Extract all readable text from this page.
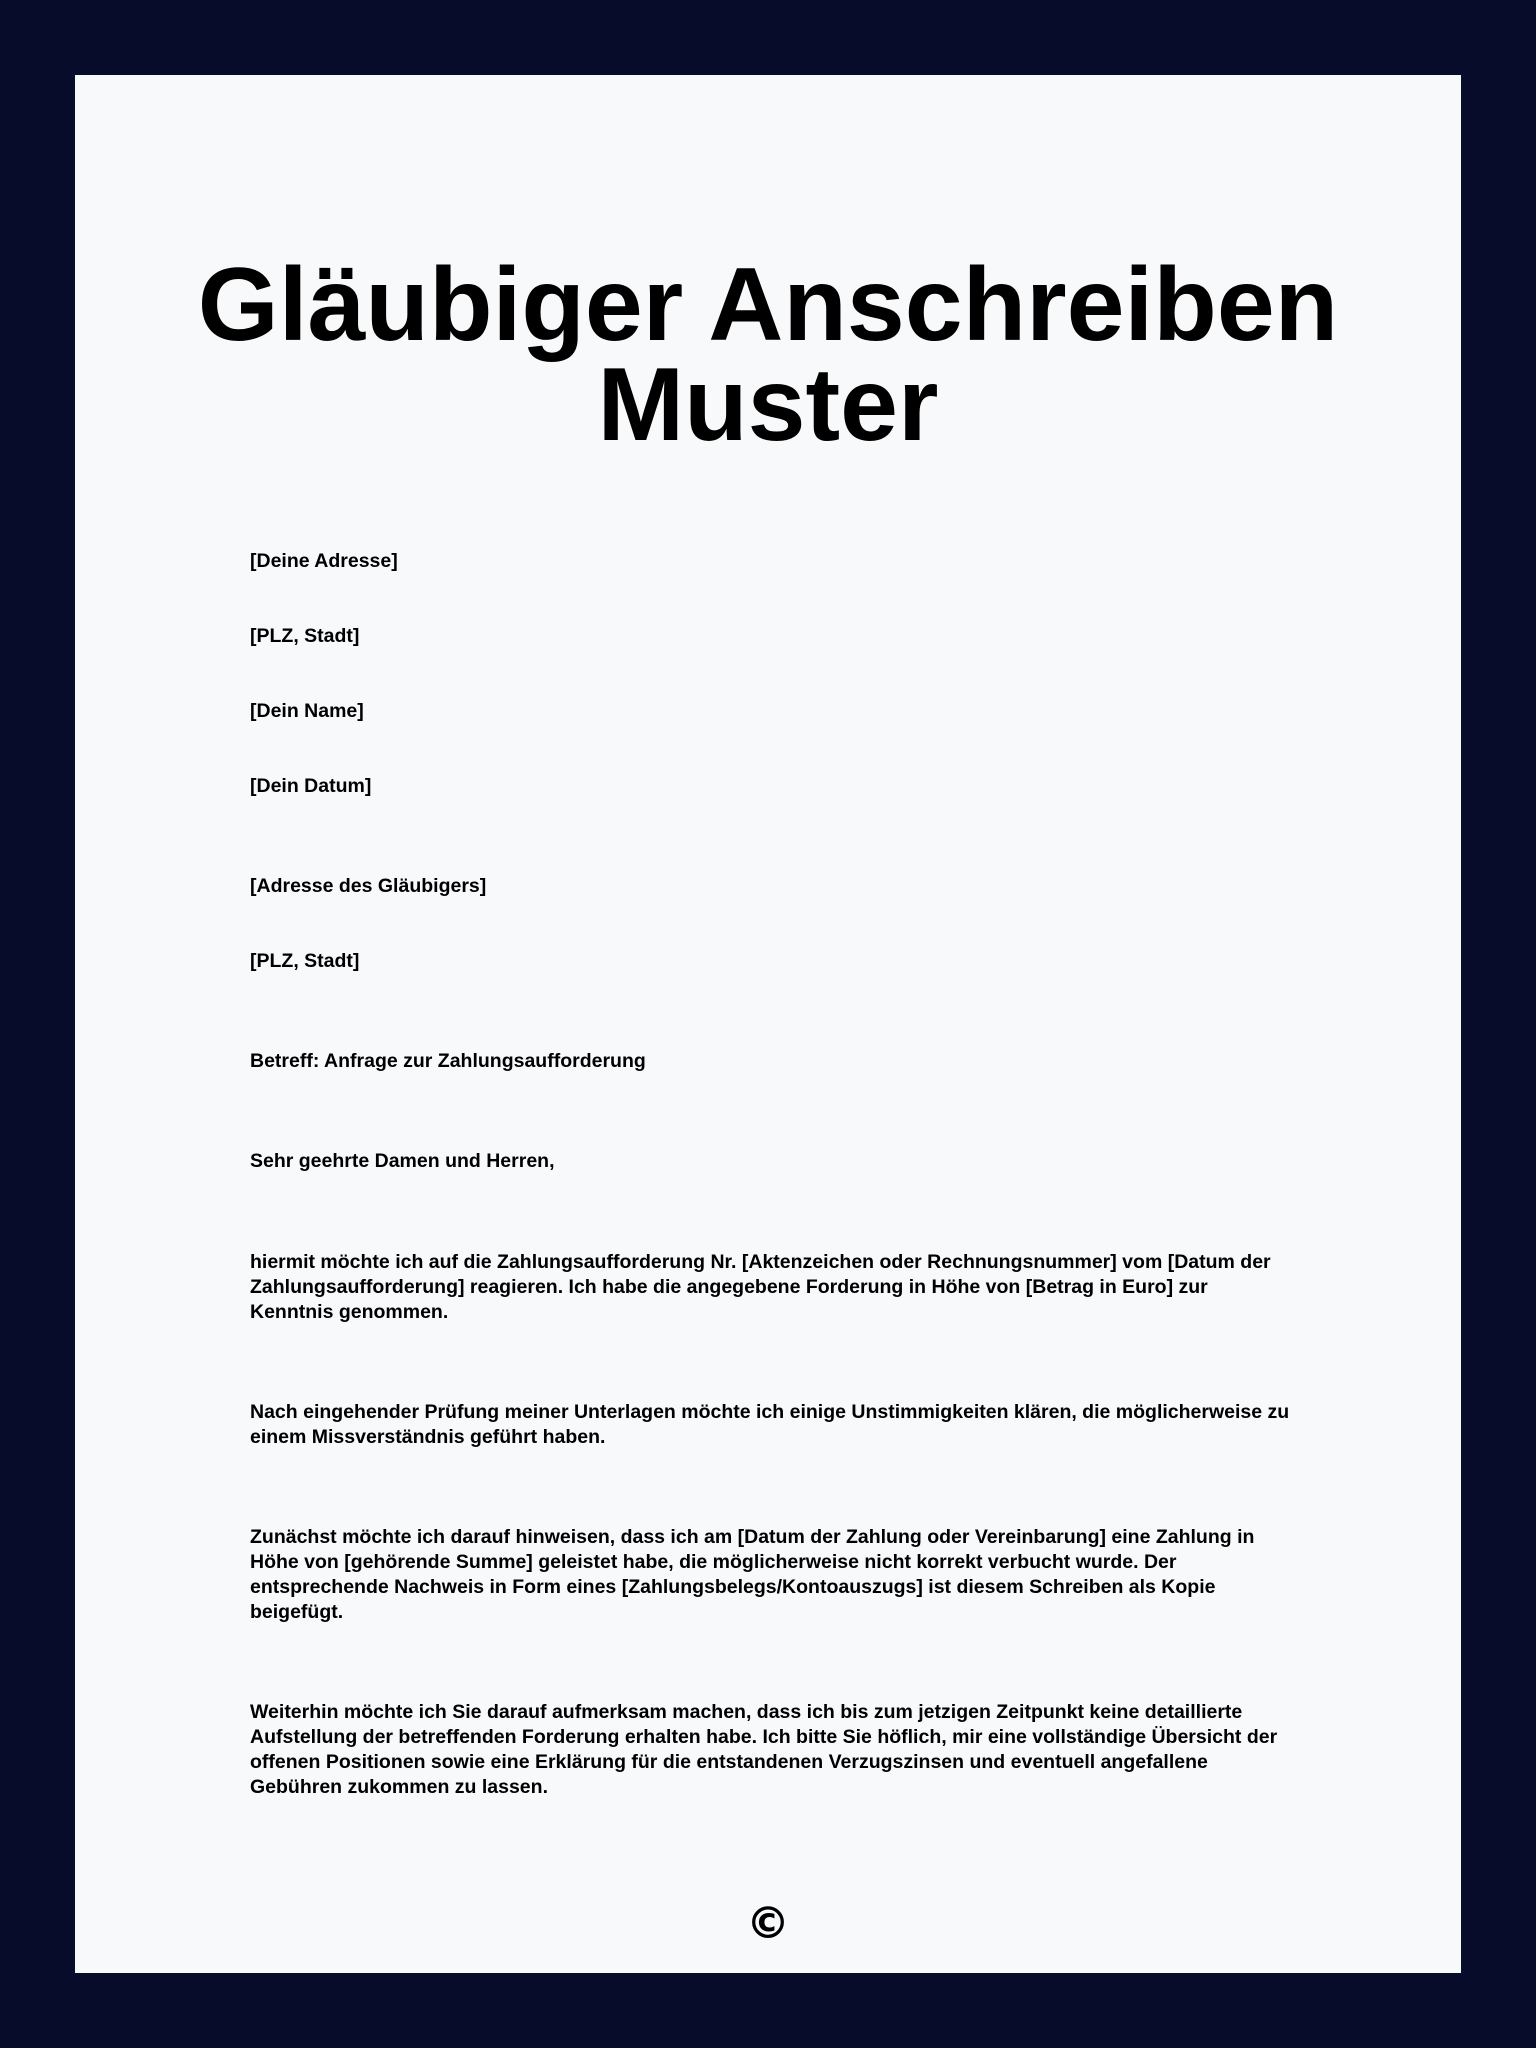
Gläubiger Anschreiben Muster

[Deine Adresse]

[PLZ, Stadt]

[Dein Name]

[Dein Datum]

[Adresse des Gläubigers]

[PLZ, Stadt]

Betreff: Anfrage zur Zahlungsaufforderung

Sehr geehrte Damen und Herren,

hiermit möchte ich auf die Zahlungsaufforderung Nr. [Aktenzeichen oder Rechnungsnummer] vom [Datum der Zahlungsaufforderung] reagieren. Ich habe die angegebene Forderung in Höhe von [Betrag in Euro] zur Kenntnis genommen.

Nach eingehender Prüfung meiner Unterlagen möchte ich einige Unstimmigkeiten klären, die möglicherweise zu einem Missverständnis geführt haben.

Zunächst möchte ich darauf hinweisen, dass ich am [Datum der Zahlung oder Vereinbarung] eine Zahlung in Höhe von [gehörende Summe] geleistet habe, die möglicherweise nicht korrekt verbucht wurde. Der entsprechende Nachweis in Form eines [Zahlungsbelegs/Kontoauszugs] ist diesem Schreiben als Kopie beigefügt.

Weiterhin möchte ich Sie darauf aufmerksam machen, dass ich bis zum jetzigen Zeitpunkt keine detaillierte Aufstellung der betreffenden Forderung erhalten habe. Ich bitte Sie höflich, mir eine vollständige Übersicht der offenen Positionen sowie eine Erklärung für die entstandenen Verzugszinsen und eventuell angefallene Gebühren zukommen zu lassen.

©
